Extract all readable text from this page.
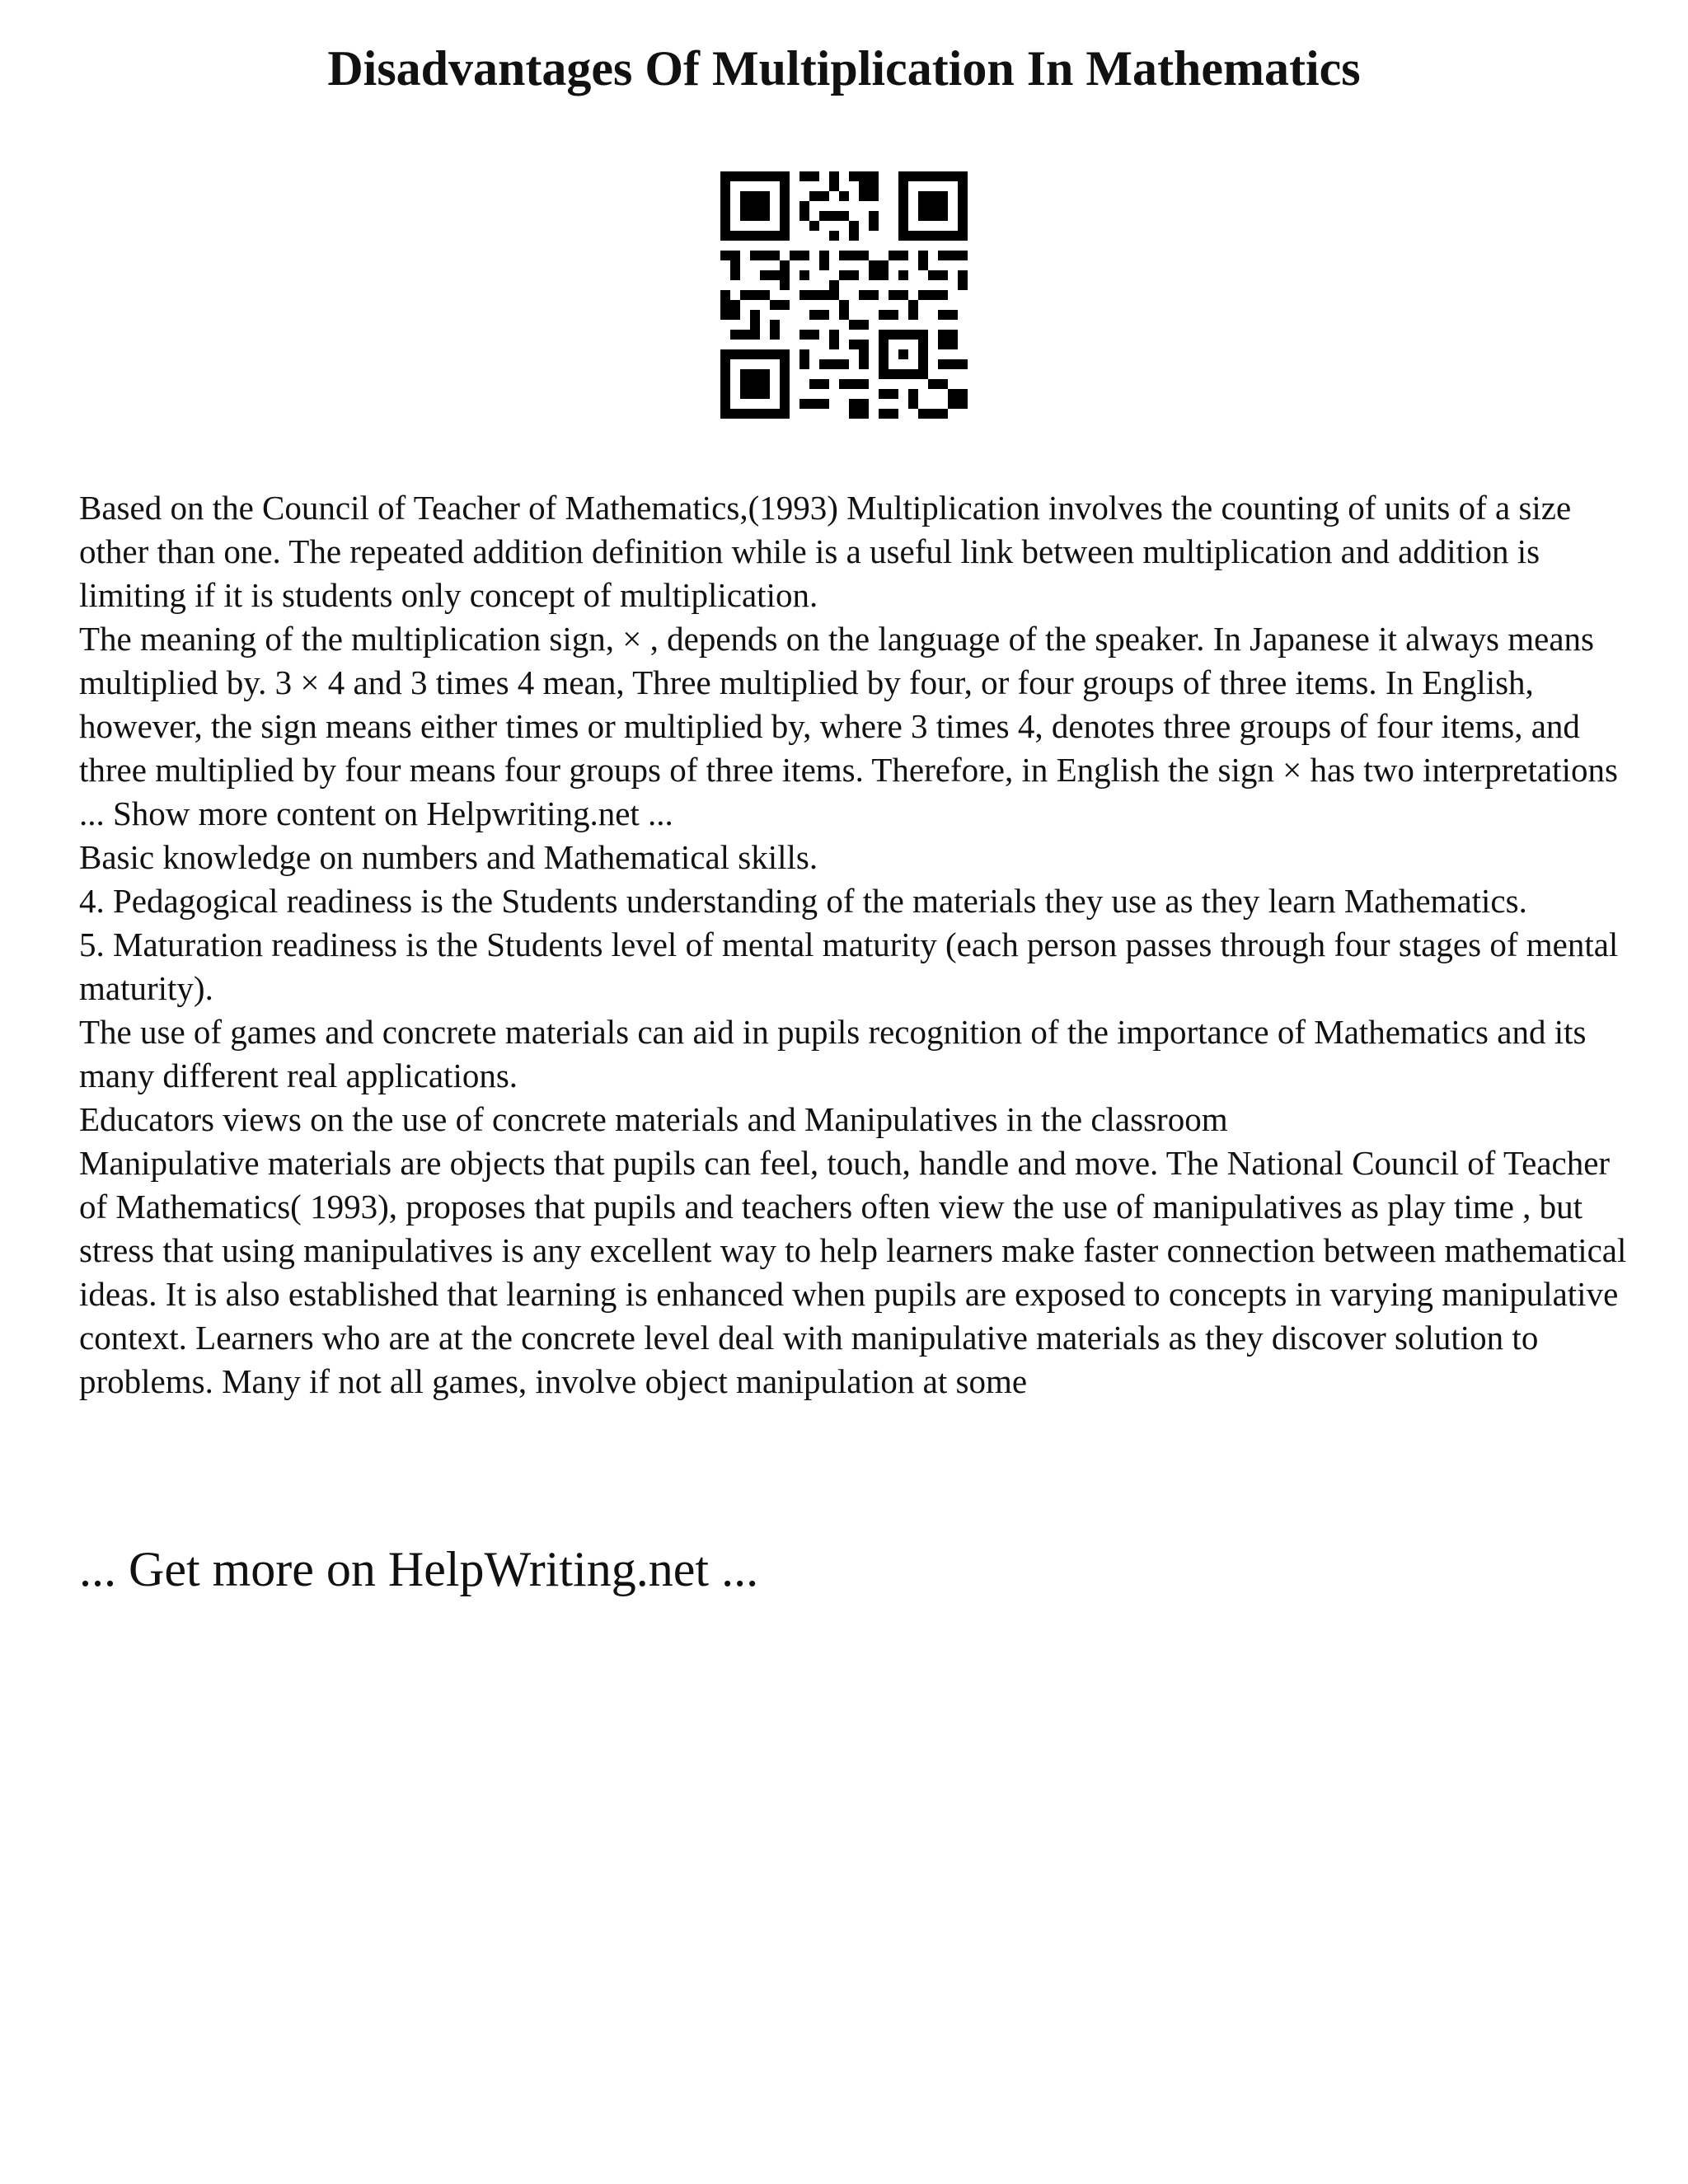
Disadvantages Of Multiplication In Mathematics

Based on the Council of Teacher of Mathematics,(1993) Multiplication involves the counting of units of a size other than one. The repeated addition definition while is a useful link between multiplication and addition is limiting if it is students only concept of multiplication.

The meaning of the multiplication sign, × , depends on the language of the speaker. In Japanese it always means multiplied by. 3 × 4 and 3 times 4 mean, Three multiplied by four, or four groups of three items. In English, however, the sign means either times or multiplied by, where 3 times 4, denotes three groups of four items, and three multiplied by four means four groups of three items. Therefore, in English the sign × has two interpretations ... Show more content on Helpwriting.net ...

Basic knowledge on numbers and Mathematical skills.

4. Pedagogical readiness is the Students understanding of the materials they use as they learn Mathematics.

5. Maturation readiness is the Students level of mental maturity (each person passes through four stages of mental maturity).

The use of games and concrete materials can aid in pupils recognition of the importance of Mathematics and its many different real applications.

Educators views on the use of concrete materials and Manipulatives in the classroom

Manipulative materials are objects that pupils can feel, touch, handle and move. The National Council of Teacher of Mathematics( 1993), proposes that pupils and teachers often view the use of manipulatives as play time , but stress that using manipulatives is any excellent way to help learners make faster connection between mathematical ideas. It is also established that learning is enhanced when pupils are exposed to concepts in varying manipulative context. Learners who are at the concrete level deal with manipulative materials as they discover solution to problems. Many if not all games, involve object manipulation at some

... Get more on HelpWriting.net ...
